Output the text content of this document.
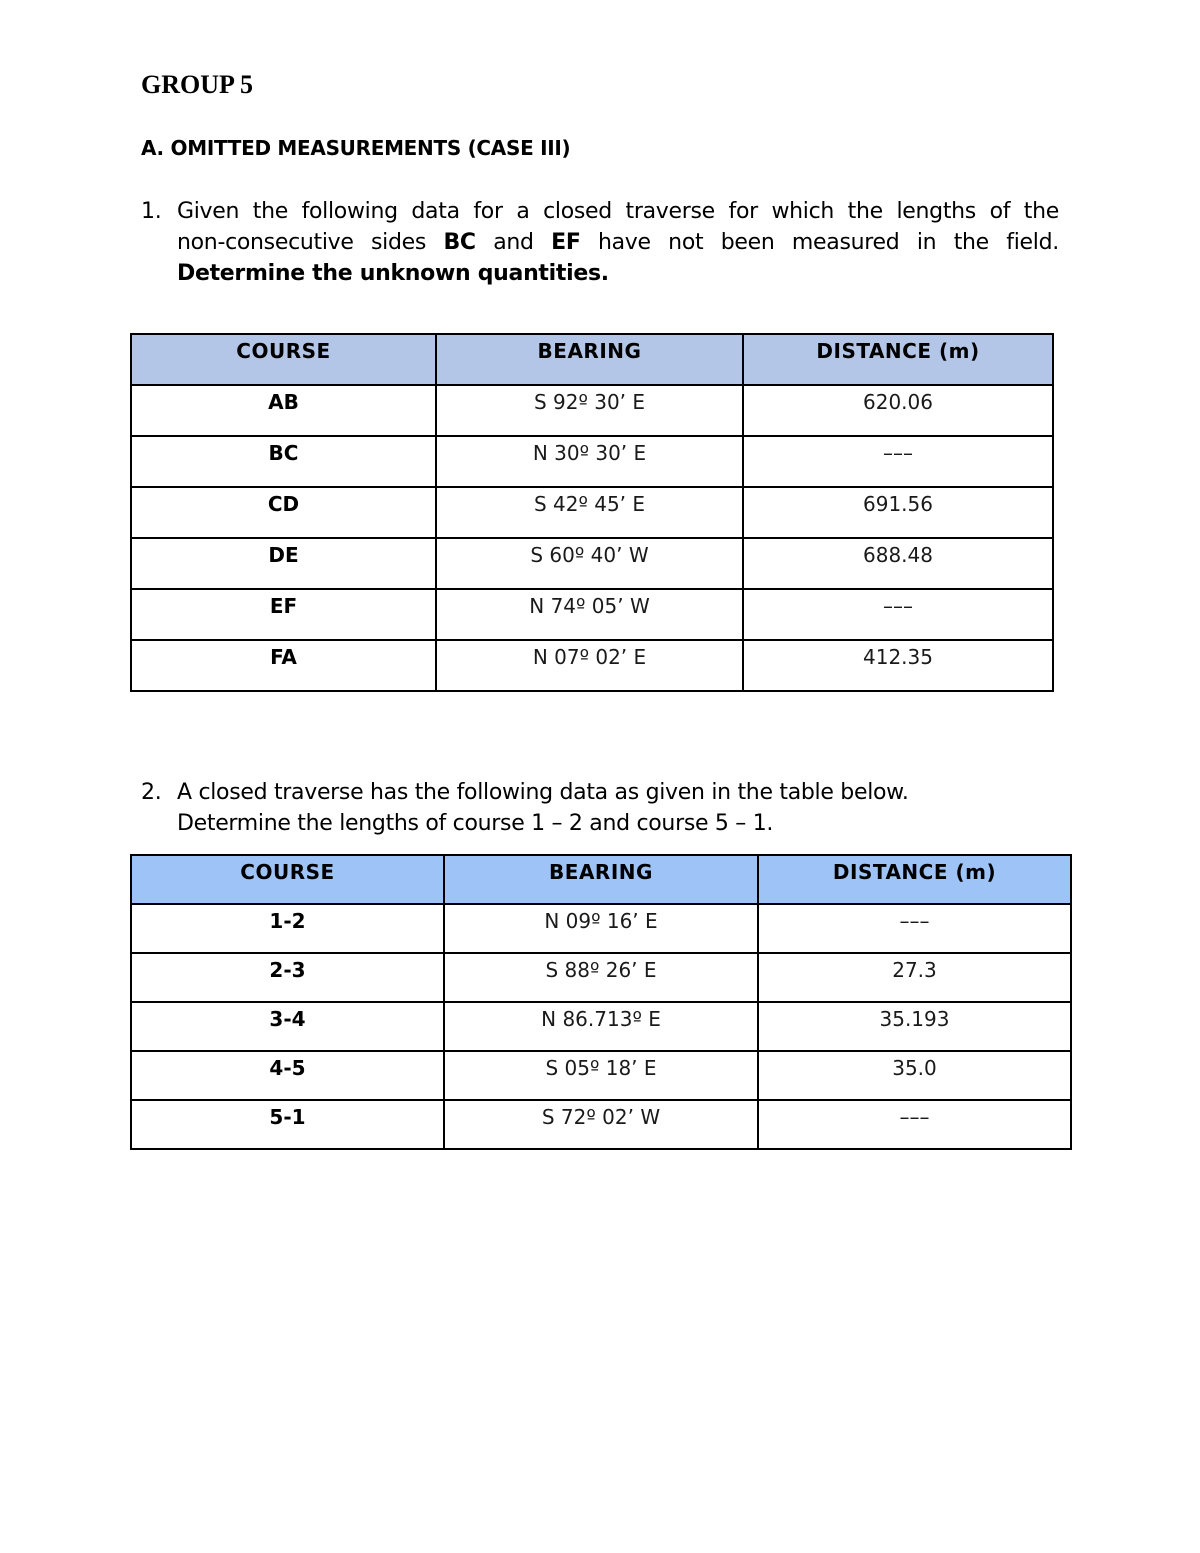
GROUP 5
A. OMITTED MEASUREMENTS (CASE III)
1. Given the following data for a closed traverse for which the lengths of the
non-consecutive sides BC and EF have not been measured in the field.
Determine the unknown quantities.
COURSE	BEARING	DISTANCE (m)
AB	S 92º 30’ E	620.06
BC	N 30º 30’ E	–––
CD	S 42º 45’ E	691.56
DE	S 60º 40’ W	688.48
EF	N 74º 05’ W	–––
FA	N 07º 02’ E	412.35
2. A closed traverse has the following data as given in the table below.
Determine the lengths of course 1 – 2 and course 5 – 1.
COURSE	BEARING	DISTANCE (m)
1-2	N 09º 16’ E	–––
2-3	S 88º 26’ E	27.3
3-4	N 86.713º E	35.193
4-5	S 05º 18’ E	35.0
5-1	S 72º 02’ W	–––
